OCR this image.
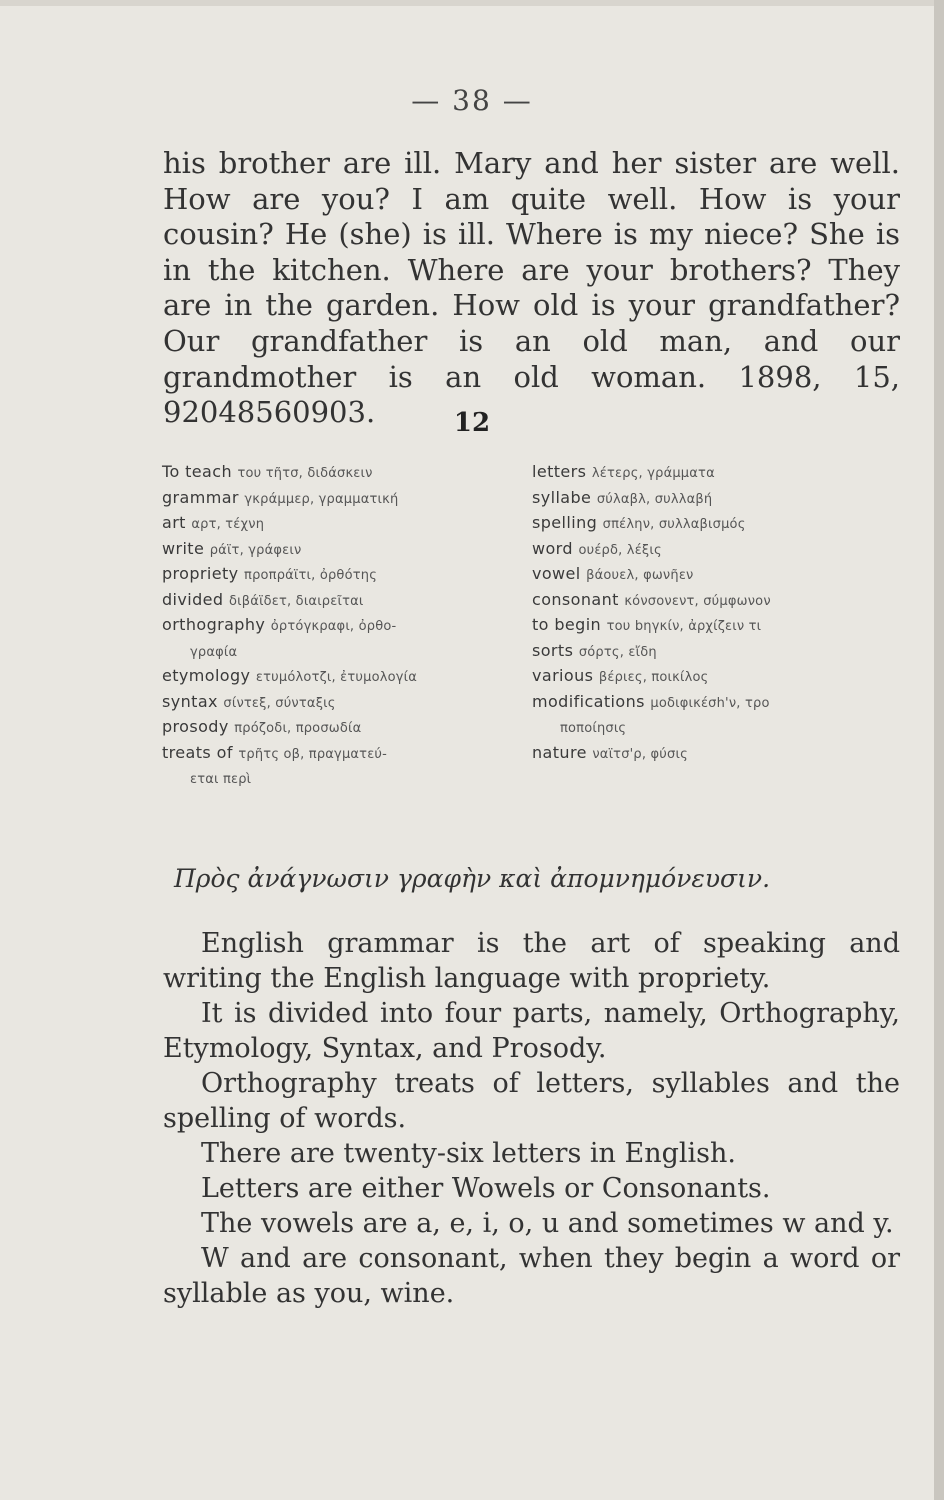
— 38 —

his brother are ill. Mary and her sister are well. How are you? I am quite well. How is your cousin? He (she) is ill. Where is my niece? She is in the kitchen. Where are your brothers? They are in the garden. How old is your grandfather? Our grandfather is an old man, and our grandmother is an old woman. 1898, 15, 92048560903.	12
To teach του τῆτσ, διδάσκειν
grammar γκράμμερ, γραμματική
art αρτ, τέχνη
write ράϊτ, γράφειν
propriety προπράϊτι, ὀρθότης
divided διβάϊδετ, διαιρεῖται
orthography ὀρτόγκραφι, ὀρθο-
γραφία
etymology ετυμόλοτζι, ἐτυμολογία
syntax σίντεξ, σύνταξις
prosody πρόζοδι, προσωδία
treats of τρῆτς οβ, πραγματεύ-
εται περὶ
letters λέτερς, γράμματα
syllabe σύλαβλ, συλλαβή
spelling σπέλην, συλλαβισμός
word ουέρδ, λέξις
vowel βάουελ, φωνῆεν
consonant κόνσονεντ, σύμφωνον
to begin του bηγκίν, ἀρχίζειν τι
sorts σόρτς, εἴδη
various βέριες, ποικίλος
modifications μοδιφικέσh'ν, τρο
ποποίησις
nature ναϊτσ'ρ, φύσις
Πρὸς ἀνάγνωσιν γραφὴν καὶ ἀπομνημόνευσιν.

English grammar is the art of speaking and writing the English language with propriety.

It is divided into four parts, namely, Orthography, Etymology, Syntax, and Prosody.

Orthography treats of letters, syllables and the spelling of words.

There are twenty-six letters in English.

Letters are either Wowels or Consonants.

The vowels are a, e, i, o, u and sometimes w and y.

W and are consonant, when they begin a word or syllable as you, wine.
